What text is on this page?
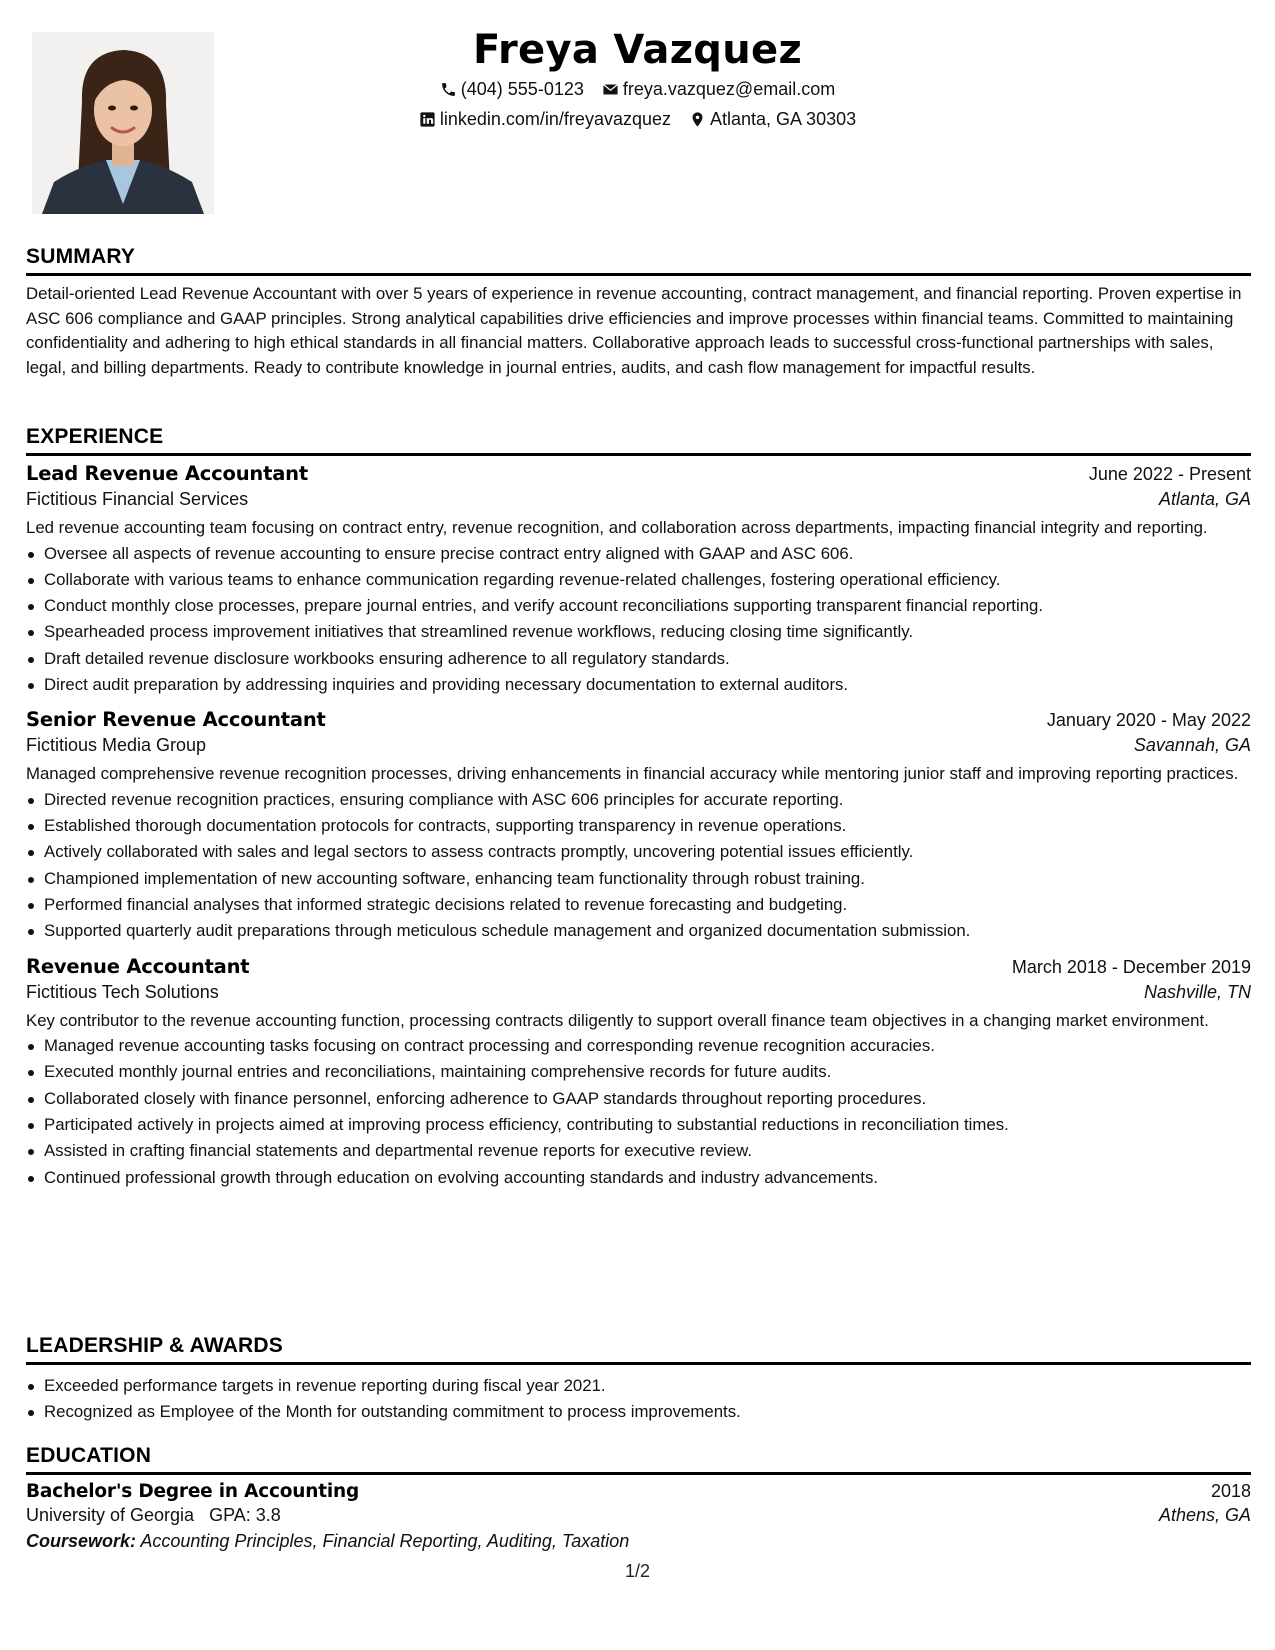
Freya Vazquez
(404) 555-0123 freya.vazquez@email.com
linkedin.com/in/freyavazquez Atlanta, GA 30303
SUMMARY
Detail-oriented Lead Revenue Accountant with over 5 years of experience in revenue accounting, contract management, and financial reporting. Proven expertise in ASC 606 compliance and GAAP principles. Strong analytical capabilities drive efficiencies and improve processes within financial teams. Committed to maintaining confidentiality and adhering to high ethical standards in all financial matters. Collaborative approach leads to successful cross-functional partnerships with sales, legal, and billing departments. Ready to contribute knowledge in journal entries, audits, and cash flow management for impactful results.
EXPERIENCE
Lead Revenue Accountant	June 2022 - Present
Fictitious Financial Services	Atlanta, GA
Led revenue accounting team focusing on contract entry, revenue recognition, and collaboration across departments, impacting financial integrity and reporting.
Oversee all aspects of revenue accounting to ensure precise contract entry aligned with GAAP and ASC 606.
Collaborate with various teams to enhance communication regarding revenue-related challenges, fostering operational efficiency.
Conduct monthly close processes, prepare journal entries, and verify account reconciliations supporting transparent financial reporting.
Spearheaded process improvement initiatives that streamlined revenue workflows, reducing closing time significantly.
Draft detailed revenue disclosure workbooks ensuring adherence to all regulatory standards.
Direct audit preparation by addressing inquiries and providing necessary documentation to external auditors.
Senior Revenue Accountant	January 2020 - May 2022
Fictitious Media Group	Savannah, GA
Managed comprehensive revenue recognition processes, driving enhancements in financial accuracy while mentoring junior staff and improving reporting practices.
Directed revenue recognition practices, ensuring compliance with ASC 606 principles for accurate reporting.
Established thorough documentation protocols for contracts, supporting transparency in revenue operations.
Actively collaborated with sales and legal sectors to assess contracts promptly, uncovering potential issues efficiently.
Championed implementation of new accounting software, enhancing team functionality through robust training.
Performed financial analyses that informed strategic decisions related to revenue forecasting and budgeting.
Supported quarterly audit preparations through meticulous schedule management and organized documentation submission.
Revenue Accountant	March 2018 - December 2019
Fictitious Tech Solutions	Nashville, TN
Key contributor to the revenue accounting function, processing contracts diligently to support overall finance team objectives in a changing market environment.
Managed revenue accounting tasks focusing on contract processing and corresponding revenue recognition accuracies.
Executed monthly journal entries and reconciliations, maintaining comprehensive records for future audits.
Collaborated closely with finance personnel, enforcing adherence to GAAP standards throughout reporting procedures.
Participated actively in projects aimed at improving process efficiency, contributing to substantial reductions in reconciliation times.
Assisted in crafting financial statements and departmental revenue reports for executive review.
Continued professional growth through education on evolving accounting standards and industry advancements.
LEADERSHIP & AWARDS
Exceeded performance targets in revenue reporting during fiscal year 2021.
Recognized as Employee of the Month for outstanding commitment to process improvements.
EDUCATION
Bachelor's Degree in Accounting	2018
University of Georgia GPA: 3.8	Athens, GA
Coursework: Accounting Principles, Financial Reporting, Auditing, Taxation
1/2
